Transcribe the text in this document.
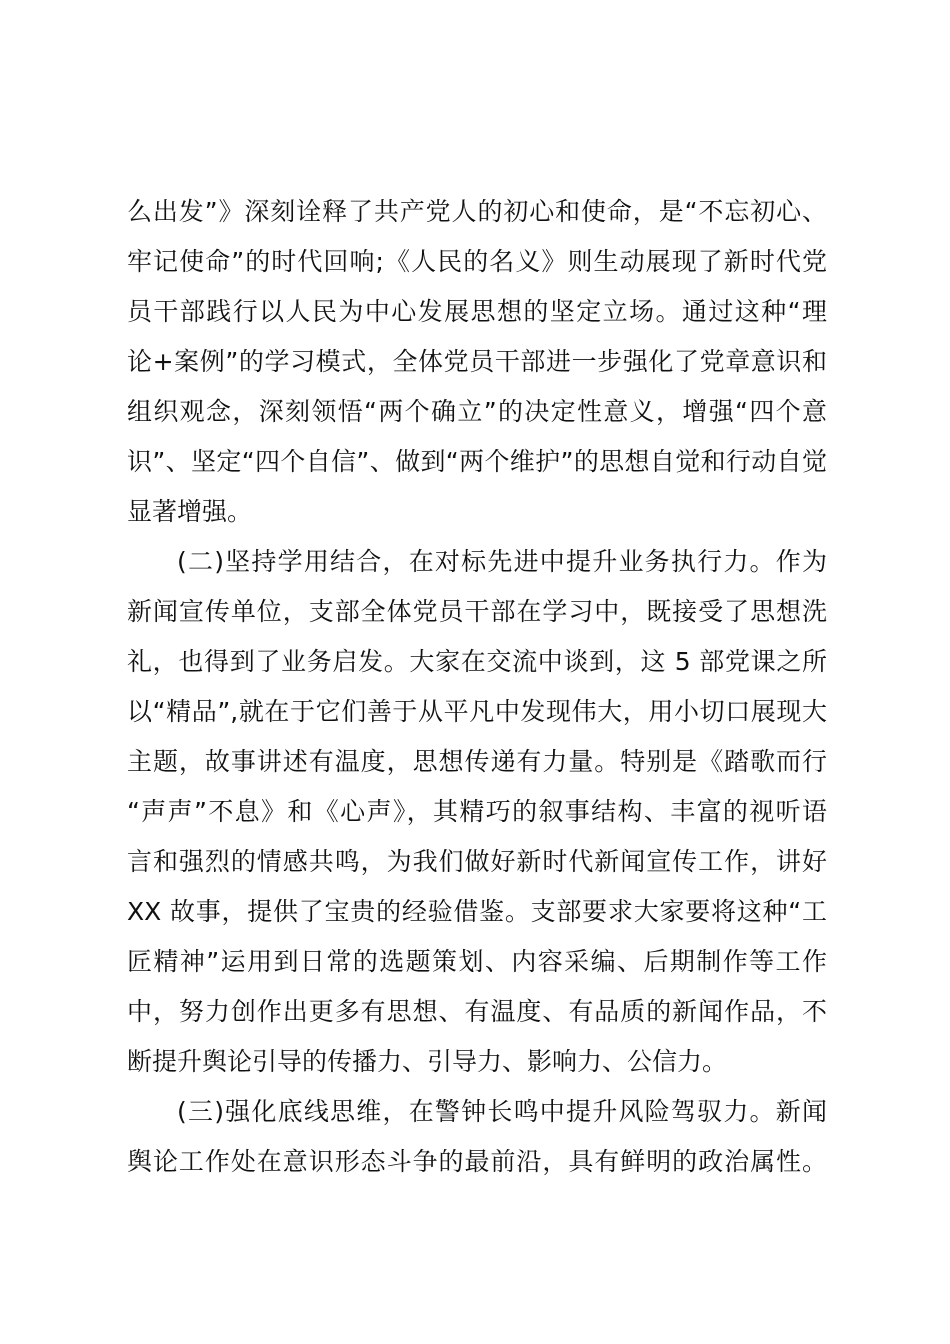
么出发”》深刻诠释了共产党人的初心和使命，是“不忘初心、
牢记使命”的时代回响;《人民的名义》则生动展现了新时代党
员干部践行以人民为中心发展思想的坚定立场。通过这种“理
论+案例”的学习模式，全体党员干部进一步强化了党章意识和
组织观念，深刻领悟“两个确立”的决定性意义，增强“四个意
识”、坚定“四个自信”、做到“两个维护”的思想自觉和行动自觉
显著增强。
(二)坚持学用结合，在对标先进中提升业务执行力。作为
新闻宣传单位，支部全体党员干部在学习中，既接受了思想洗
礼，也得到了业务启发。大家在交流中谈到，这 5 部党课之所
以“精品”,就在于它们善于从平凡中发现伟大，用小切口展现大
主题，故事讲述有温度，思想传递有力量。特别是《踏歌而行
“声声”不息》和《心声》，其精巧的叙事结构、丰富的视听语
言和强烈的情感共鸣，为我们做好新时代新闻宣传工作，讲好
XX 故事，提供了宝贵的经验借鉴。支部要求大家要将这种“工
匠精神”运用到日常的选题策划、内容采编、后期制作等工作
中，努力创作出更多有思想、有温度、有品质的新闻作品，不
断提升舆论引导的传播力、引导力、影响力、公信力。
(三)强化底线思维，在警钟长鸣中提升风险驾驭力。新闻
舆论工作处在意识形态斗争的最前沿，具有鲜明的政治属性。
